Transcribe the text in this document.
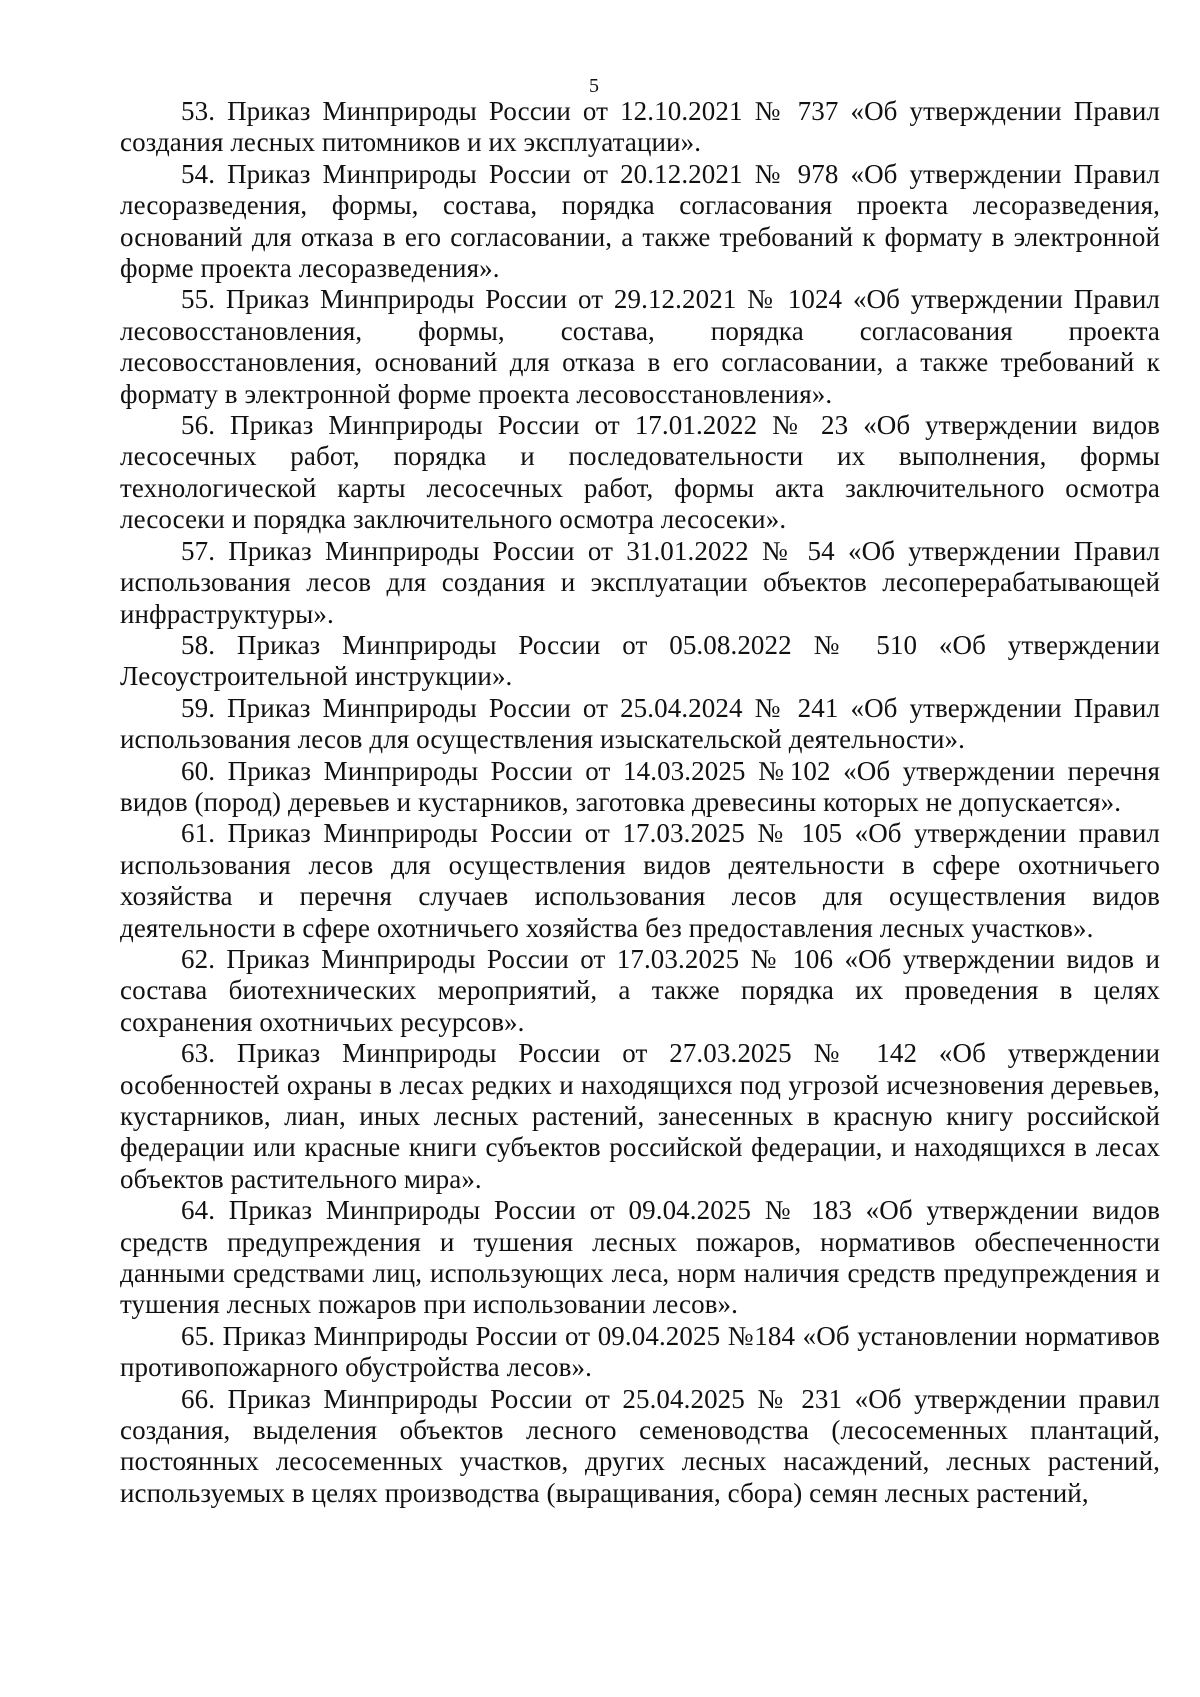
5

53. Приказ Минприроды России от 12.10.2021 № 737 «Об утверждении Правил создания лесных питомников и их эксплуатации».

54. Приказ Минприроды России от 20.12.2021 № 978 «Об утверждении Правил лесоразведения, формы, состава, порядка согласования проекта лесоразведения, оснований для отказа в его согласовании, а также требований к формату в электронной форме проекта лесоразведения».

55. Приказ Минприроды России от 29.12.2021 № 1024 «Об утверждении Правил лесовосстановления, формы, состава, порядка согласования проекта лесовосстановления, оснований для отказа в его согласовании, а также требований к формату в электронной форме проекта лесовосстановления».

56. Приказ Минприроды России от 17.01.2022 № 23 «Об утверждении видов лесосечных работ, порядка и последовательности их выполнения, формы технологической карты лесосечных работ, формы акта заключительного осмотра лесосеки и порядка заключительного осмотра лесосеки».

57. Приказ Минприроды России от 31.01.2022 № 54 «Об утверждении Правил использования лесов для создания и эксплуатации объектов лесоперерабатывающей инфраструктуры».

58. Приказ Минприроды России от 05.08.2022 № 510 «Об утверждении Лесоустроительной инструкции».

59. Приказ Минприроды России от 25.04.2024 № 241 «Об утверждении Правил использования лесов для осуществления изыскательской деятельности».

60. Приказ Минприроды России от 14.03.2025 №102 «Об утверждении перечня видов (пород) деревьев и кустарников, заготовка древесины которых не допускается».

61. Приказ Минприроды России от 17.03.2025 № 105 «Об утверждении правил использования лесов для осуществления видов деятельности в сфере охотничьего хозяйства и перечня случаев использования лесов для осуществления видов деятельности в сфере охотничьего хозяйства без предоставления лесных участков».

62. Приказ Минприроды России от 17.03.2025 № 106 «Об утверждении видов и состава биотехнических мероприятий, а также порядка их проведения в целях сохранения охотничьих ресурсов».

63. Приказ Минприроды России от 27.03.2025 № 142 «Об утверждении особенностей охраны в лесах редких и находящихся под угрозой исчезновения деревьев, кустарников, лиан, иных лесных растений, занесенных в красную книгу российской федерации или красные книги субъектов российской федерации, и находящихся в лесах объектов растительного мира».

64. Приказ Минприроды России от 09.04.2025 № 183 «Об утверждении видов средств предупреждения и тушения лесных пожаров, нормативов обеспеченности данными средствами лиц, использующих леса, норм наличия средств предупреждения и тушения лесных пожаров при использовании лесов».

65. Приказ Минприроды России от 09.04.2025 №184 «Об установлении нормативов противопожарного обустройства лесов».

66. Приказ Минприроды России от 25.04.2025 № 231 «Об утверждении правил создания, выделения объектов лесного семеноводства (лесосеменных плантаций, постоянных лесосеменных участков, других лесных насаждений, лесных растений, используемых в целях производства (выращивания, сбора) семян лесных растений,
